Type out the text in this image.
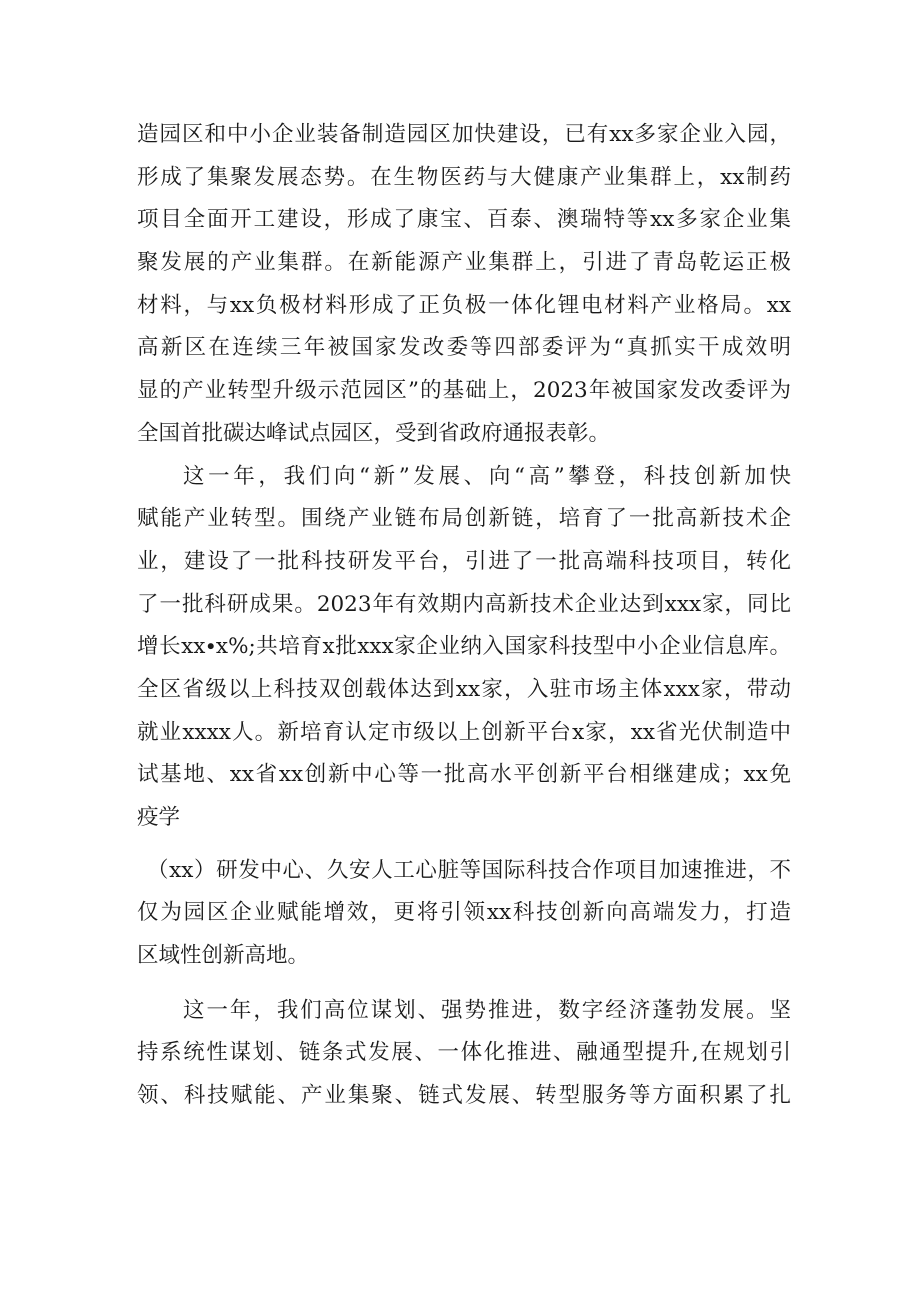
造园区和中小企业装备制造园区加快建设，已有xx多家企业入园，
形成了集聚发展态势。在生物医药与大健康产业集群上，xx制药
项目全面开工建设，形成了康宝、百泰、澳瑞特等xx多家企业集
聚发展的产业集群。在新能源产业集群上，引进了青岛乾运正极
材料，与xx负极材料形成了正负极一体化锂电材料产业格局。xx
高新区在连续三年被国家发改委等四部委评为“真抓实干成效明
显的产业转型升级示范园区”的基础上，2023年被国家发改委评为
全国首批碳达峰试点园区，受到省政府通报表彰。
这一年，我们向“新”发展、向“高”攀登，科技创新加快
赋能产业转型。围绕产业链布局创新链，培育了一批高新技术企
业，建设了一批科技研发平台，引进了一批高端科技项目，转化
了一批科研成果。2023年有效期内高新技术企业达到xxx家，同比
增长xx∙x%;共培育x批xxx家企业纳入国家科技型中小企业信息库。
全区省级以上科技双创载体达到xx家，入驻市场主体xxx家，带动
就业xxxx人。新培育认定市级以上创新平台x家，xx省光伏制造中
试基地、xx省xx创新中心等一批高水平创新平台相继建成；xx免
疫学
（xx）研发中心、久安人工心脏等国际科技合作项目加速推进，不
仅为园区企业赋能增效，更将引领xx科技创新向高端发力，打造
区域性创新高地。
这一年，我们高位谋划、强势推进，数字经济蓬勃发展。坚
持系统性谋划、链条式发展、一体化推进、融通型提升,在规划引
领、科技赋能、产业集聚、链式发展、转型服务等方面积累了扎
